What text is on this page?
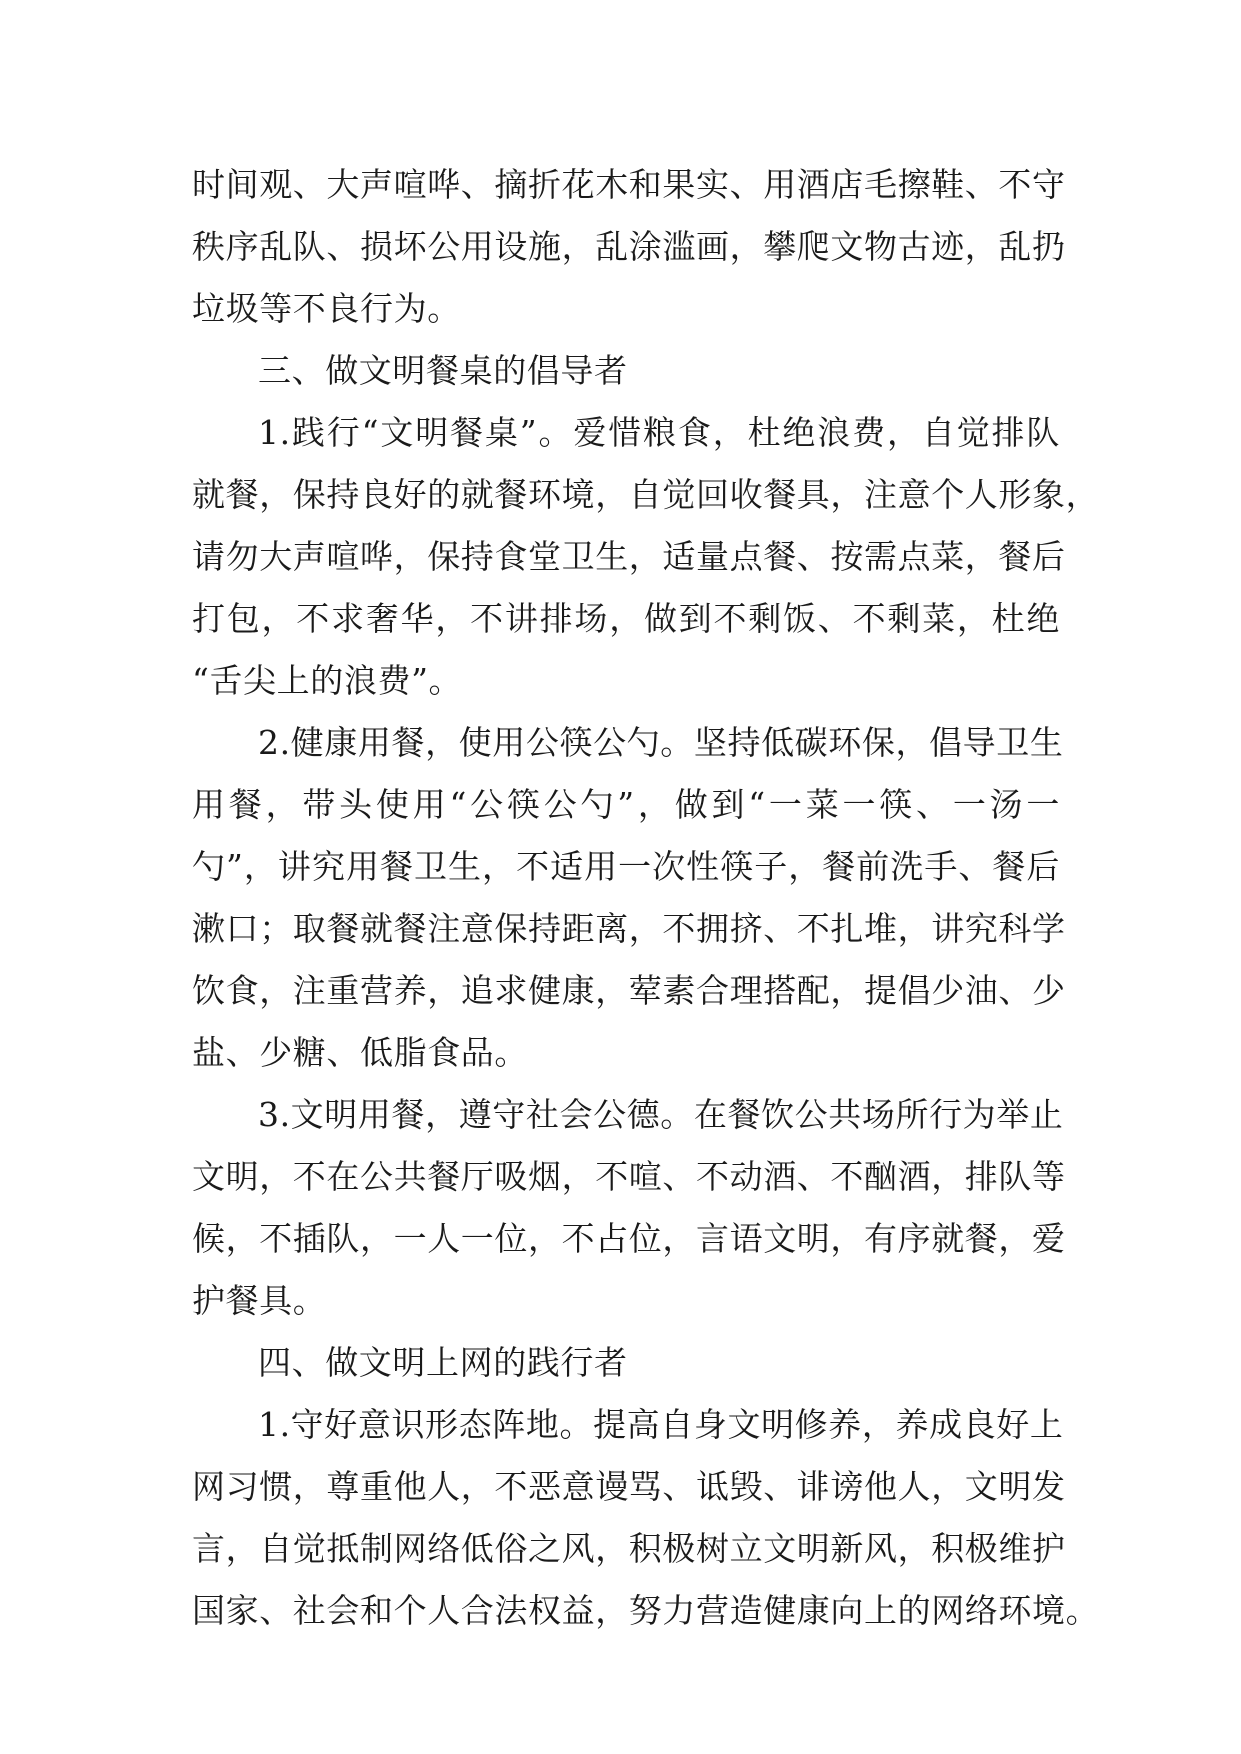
时间观、大声喧哗、摘折花木和果实、用酒店毛擦鞋、不守
秩序乱队、损坏公用设施，乱涂滥画，攀爬文物古迹，乱扔
垃圾等不良行为。
三、做文明餐桌的倡导者
1.践行“文明餐桌”。爱惜粮食，杜绝浪费，自觉排队
就餐，保持良好的就餐环境，自觉回收餐具，注意个人形象，
请勿大声喧哗，保持食堂卫生，适量点餐、按需点菜，餐后
打包，不求奢华，不讲排场，做到不剩饭、不剩菜，杜绝
“舌尖上的浪费”。
2.健康用餐，使用公筷公勺。坚持低碳环保，倡导卫生
用餐，带头使用“公筷公勺”，做到“一菜一筷、一汤一
勺”，讲究用餐卫生，不适用一次性筷子，餐前洗手、餐后
漱口；取餐就餐注意保持距离，不拥挤、不扎堆，讲究科学
饮食，注重营养，追求健康，荤素合理搭配，提倡少油、少
盐、少糖、低脂食品。
3.文明用餐，遵守社会公德。在餐饮公共场所行为举止
文明，不在公共餐厅吸烟，不喧、不动酒、不酗酒，排队等
候，不插队，一人一位，不占位，言语文明，有序就餐，爱
护餐具。
四、做文明上网的践行者
1.守好意识形态阵地。提高自身文明修养，养成良好上
网习惯，尊重他人，不恶意谩骂、诋毁、诽谤他人，文明发
言，自觉抵制网络低俗之风，积极树立文明新风，积极维护
国家、社会和个人合法权益，努力营造健康向上的网络环境。
